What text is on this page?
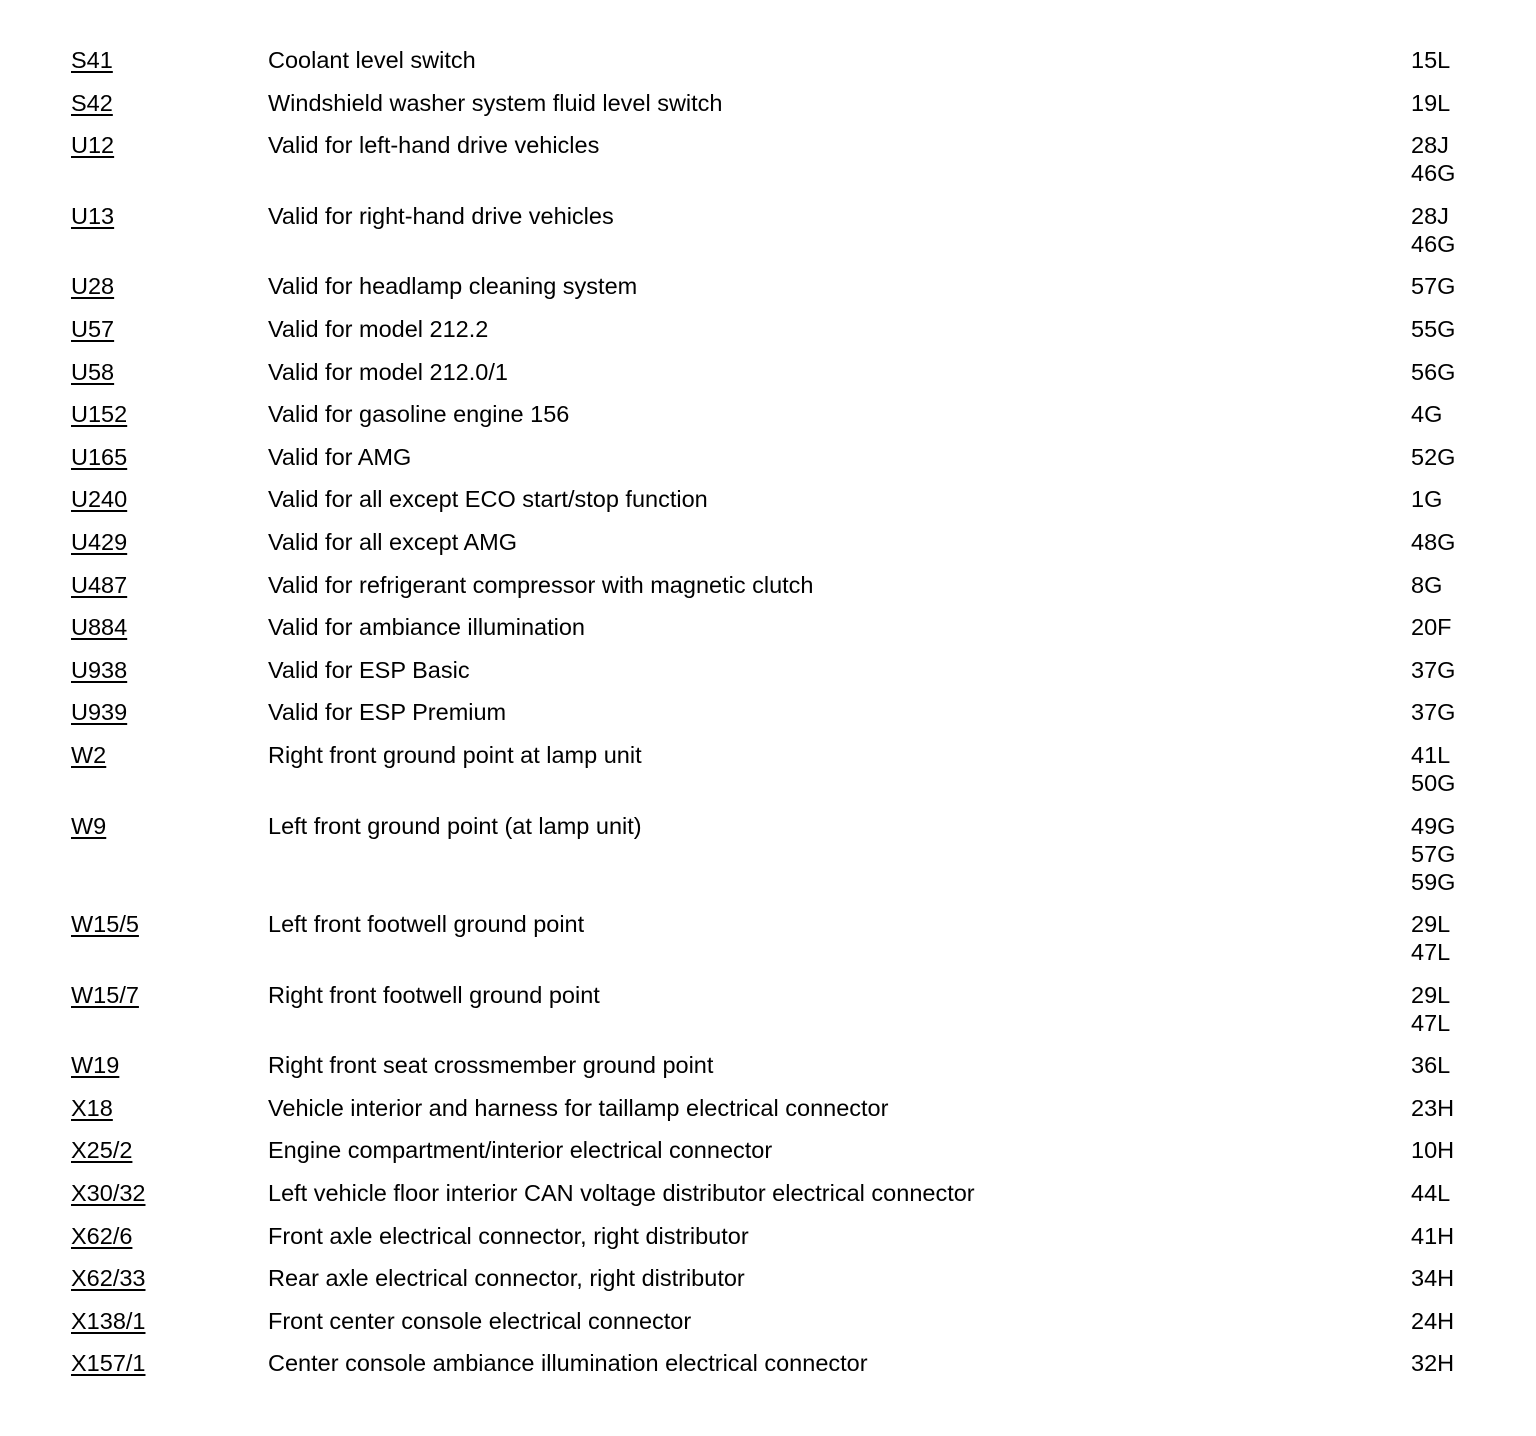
S41	Coolant level switch	15L
S42	Windshield washer system fluid level switch	19L
U12	Valid for left-hand drive vehicles	28J
46G
U13	Valid for right-hand drive vehicles	28J
46G
U28	Valid for headlamp cleaning system	57G
U57	Valid for model 212.2	55G
U58	Valid for model 212.0/1	56G
U152	Valid for gasoline engine 156	4G
U165	Valid for AMG	52G
U240	Valid for all except ECO start/stop function	1G
U429	Valid for all except AMG	48G
U487	Valid for refrigerant compressor with magnetic clutch	8G
U884	Valid for ambiance illumination	20F
U938	Valid for ESP Basic	37G
U939	Valid for ESP Premium	37G
W2	Right front ground point at lamp unit	41L
50G
W9	Left front ground point (at lamp unit)	49G
57G
59G
W15/5	Left front footwell ground point	29L
47L
W15/7	Right front footwell ground point	29L
47L
W19	Right front seat crossmember ground point	36L
X18	Vehicle interior and harness for taillamp electrical connector	23H
X25/2	Engine compartment/interior electrical connector	10H
X30/32	Left vehicle floor interior CAN voltage distributor electrical connector	44L
X62/6	Front axle electrical connector, right distributor	41H
X62/33	Rear axle electrical connector, right distributor	34H
X138/1	Front center console electrical connector	24H
X157/1	Center console ambiance illumination electrical connector	32H
